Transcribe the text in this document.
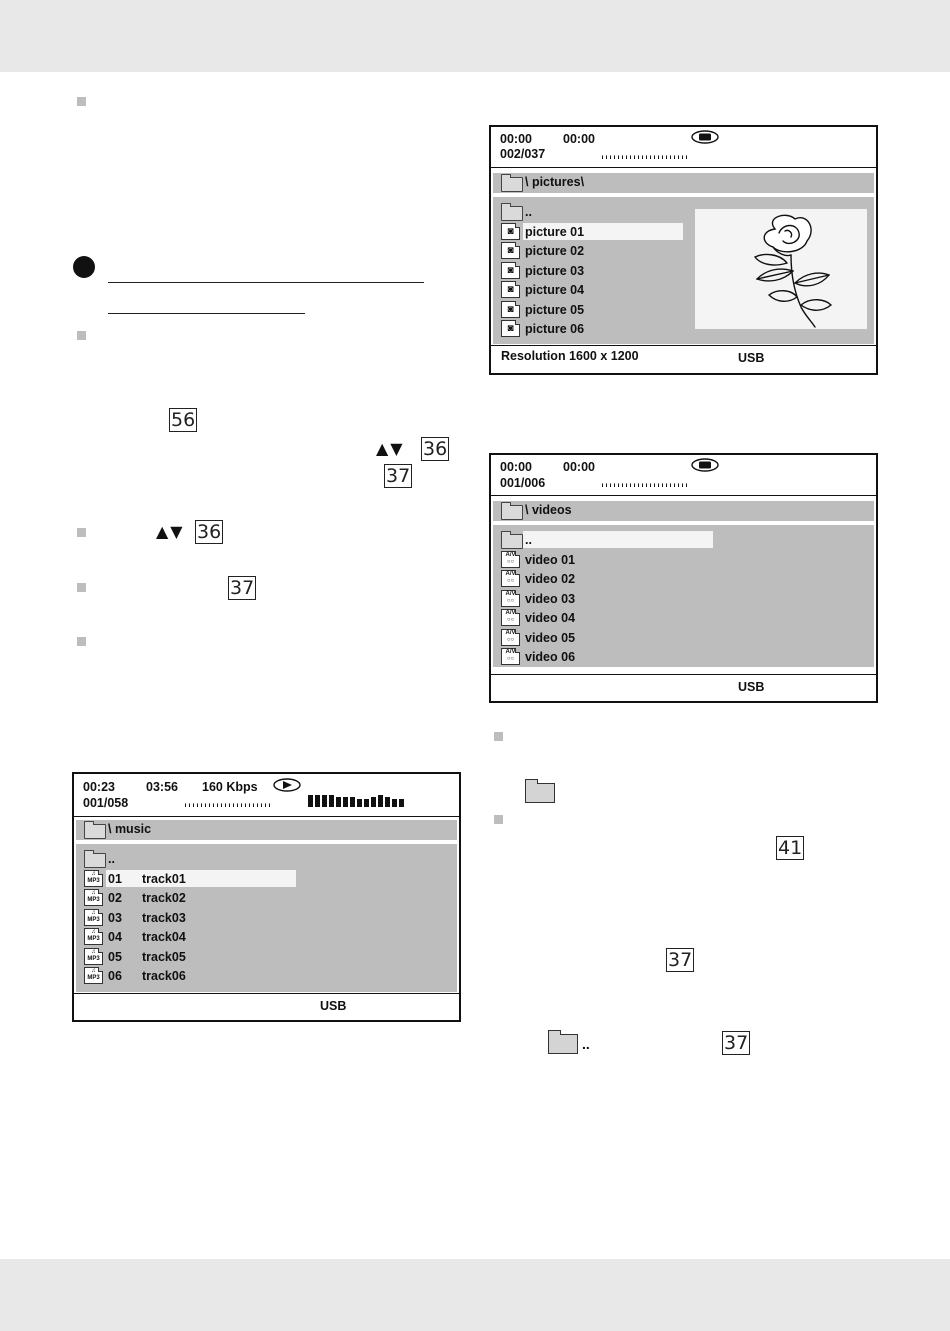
56
▲▼ 36
37
▲▼ 36
37
00:23 03:56 160 Kbps
001/058
\ music
..
♫
MP3 01 track01
♫
MP3 02 track02
♫
MP3 03 track03
♫
MP3 04 track04
♫
MP3 05 track05
♫
MP3 06 track06
USB
00:00 00:00
002/037
\ pictures\
..
◙ picture 01
◙ picture 02
◙ picture 03
◙ picture 04
◙ picture 05
◙ picture 06
Resolution 1600 x 1200	USB
00:00 00:00
001/006
\ videos
..
A/V
○○ video 01
A/V
○○ video 02
A/V
○○ video 03
A/V
○○ video 04
A/V
○○ video 05
A/V
○○ video 06
USB
41
37
..	37
